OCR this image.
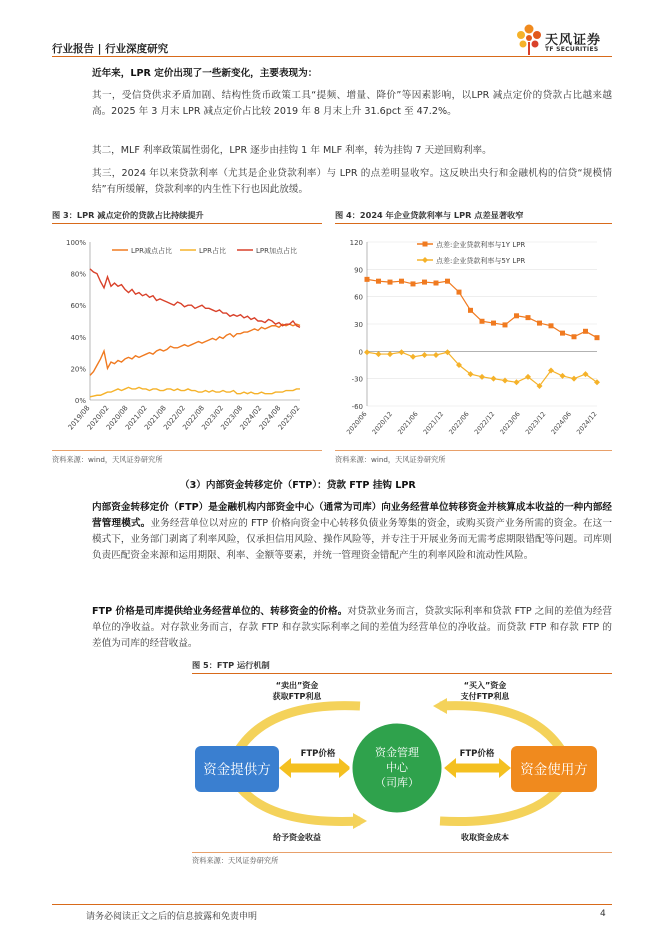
行业报告 | 行业深度研究
天风证券
TF SECURITIES
近年来，LPR 定价出现了一些新变化，主要表现为：
其一，受信贷供求矛盾加剧、结构性货币政策工具“提频、增量、降价”等因素影响，以LPR 减点定价的贷款占比越来越高。2025 年 3 月末 LPR 减点定价占比较 2019 年 8 月末上升 31.6pct 至 47.2%。
其二，MLF 利率政策属性弱化，LPR 逐步由挂钩 1 年 MLF 利率，转为挂钩 7 天逆回购利率。
其三，2024 年以来贷款利率（尤其是企业贷款利率）与 LPR 的点差明显收窄。这反映出央行和金融机构的信贷“规模情结”有所缓解，贷款利率的内生性下行也因此放缓。
图 3：LPR 减点定价的贷款占比持续提升
0%
20%
40%
60%
80%
100%
2019/08
2020/02
2020/08
2021/02
2021/08
2022/02
2022/08
2023/02
2023/08
2024/02
2024/08
2025/02
LPR减点占比	LPR占比	LPR加点占比
资料来源：wind，天风证券研究所
图 4：2024 年企业贷款利率与 LPR 点差显著收窄
-60
-30
0
30
60
90
120
2020/06 2020/12 2021/06 2021/12 2022/06 2022/12 2023/06 2023/12 2024/06 2024/12
点差:企业贷款利率与1Y LPR
点差:企业贷款利率与5Y LPR
资料来源：wind，天风证券研究所
（3）内部资金转移定价（FTP）：贷款 FTP 挂钩 LPR
内部资金转移定价（FTP）是金融机构内部资金中心（通常为司库）向业务经营单位转移资金并核算成本收益的一种内部经营管理模式。业务经营单位以对应的 FTP 价格向资金中心转移负债业务筹集的资金，或购买资产业务所需的资金。在这一模式下，业务部门剥离了利率风险，仅承担信用风险、操作风险等，并专注于开展业务而无需考虑期限错配等问题。司库则负责匹配资金来源和运用期限、利率、金额等要素，并统一管理资金错配产生的利率风险和流动性风险。
FTP 价格是司库提供给业务经营单位的、转移资金的价格。对贷款业务而言，贷款实际利率和贷款 FTP 之间的差值为经营单位的净收益。对存款业务而言，存款 FTP 和存款实际利率之间的差值为经营单位的净收益。而贷款 FTP 和存款 FTP 的差值为司库的经营收益。
图 5：FTP 运行机制
资金提供方	资金使用方
资金管理
中心
（司库）
FTP价格	FTP价格
“卖出”资金
获取FTP利息
“买入”资金
支付FTP利息
给予资金收益	收取资金成本
资料来源：天风证券研究所
请务必阅读正文之后的信息披露和免责申明	4
